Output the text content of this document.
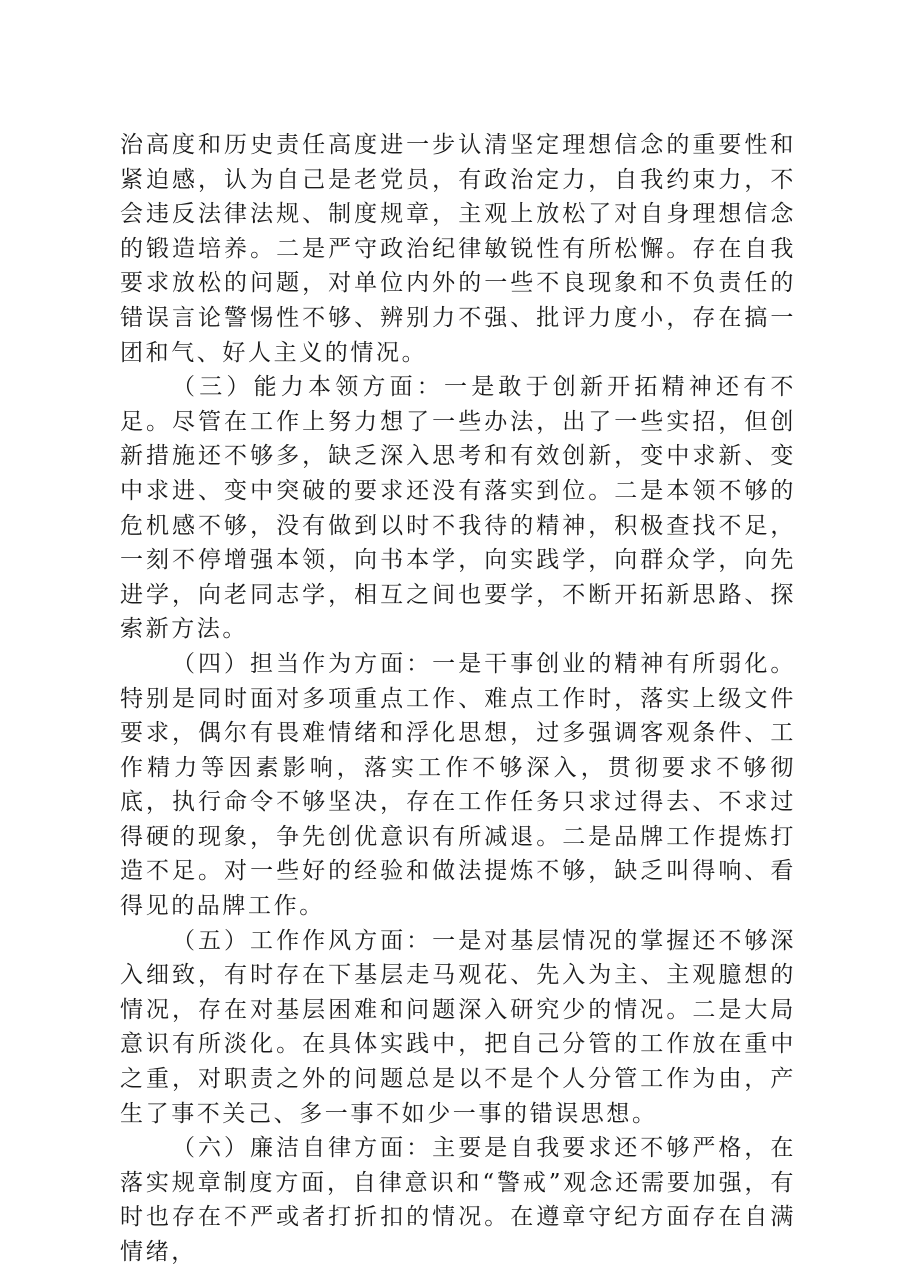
治高度和历史责任高度进一步认清坚定理想信念的重要性和紧迫感，认为自己是老党员，有政治定力，自我约束力，不会违反法律法规、制度规章，主观上放松了对自身理想信念的锻造培养。二是严守政治纪律敏锐性有所松懈。存在自我要求放松的问题，对单位内外的一些不良现象和不负责任的错误言论警惕性不够、辨别力不强、批评力度小，存在搞一团和气、好人主义的情况。

（三）能力本领方面：一是敢于创新开拓精神还有不足。尽管在工作上努力想了一些办法，出了一些实招，但创新措施还不够多，缺乏深入思考和有效创新，变中求新、变中求进、变中突破的要求还没有落实到位。二是本领不够的危机感不够，没有做到以时不我待的精神，积极查找不足，一刻不停增强本领，向书本学，向实践学，向群众学，向先进学，向老同志学，相互之间也要学，不断开拓新思路、探索新方法。

（四）担当作为方面：一是干事创业的精神有所弱化。特别是同时面对多项重点工作、难点工作时，落实上级文件要求，偶尔有畏难情绪和浮化思想，过多强调客观条件、工作精力等因素影响，落实工作不够深入，贯彻要求不够彻底，执行命令不够坚决，存在工作任务只求过得去、不求过得硬的现象，争先创优意识有所减退。二是品牌工作提炼打造不足。对一些好的经验和做法提炼不够，缺乏叫得响、看得见的品牌工作。

（五）工作作风方面：一是对基层情况的掌握还不够深入细致，有时存在下基层走马观花、先入为主、主观臆想的情况，存在对基层困难和问题深入研究少的情况。二是大局意识有所淡化。在具体实践中，把自己分管的工作放在重中之重，对职责之外的问题总是以不是个人分管工作为由，产生了事不关己、多一事不如少一事的错误思想。

（六）廉洁自律方面：主要是自我要求还不够严格，在落实规章制度方面，自律意识和“警戒”观念还需要加强，有时也存在不严或者打折扣的情况。在遵章守纪方面存在自满情绪，
